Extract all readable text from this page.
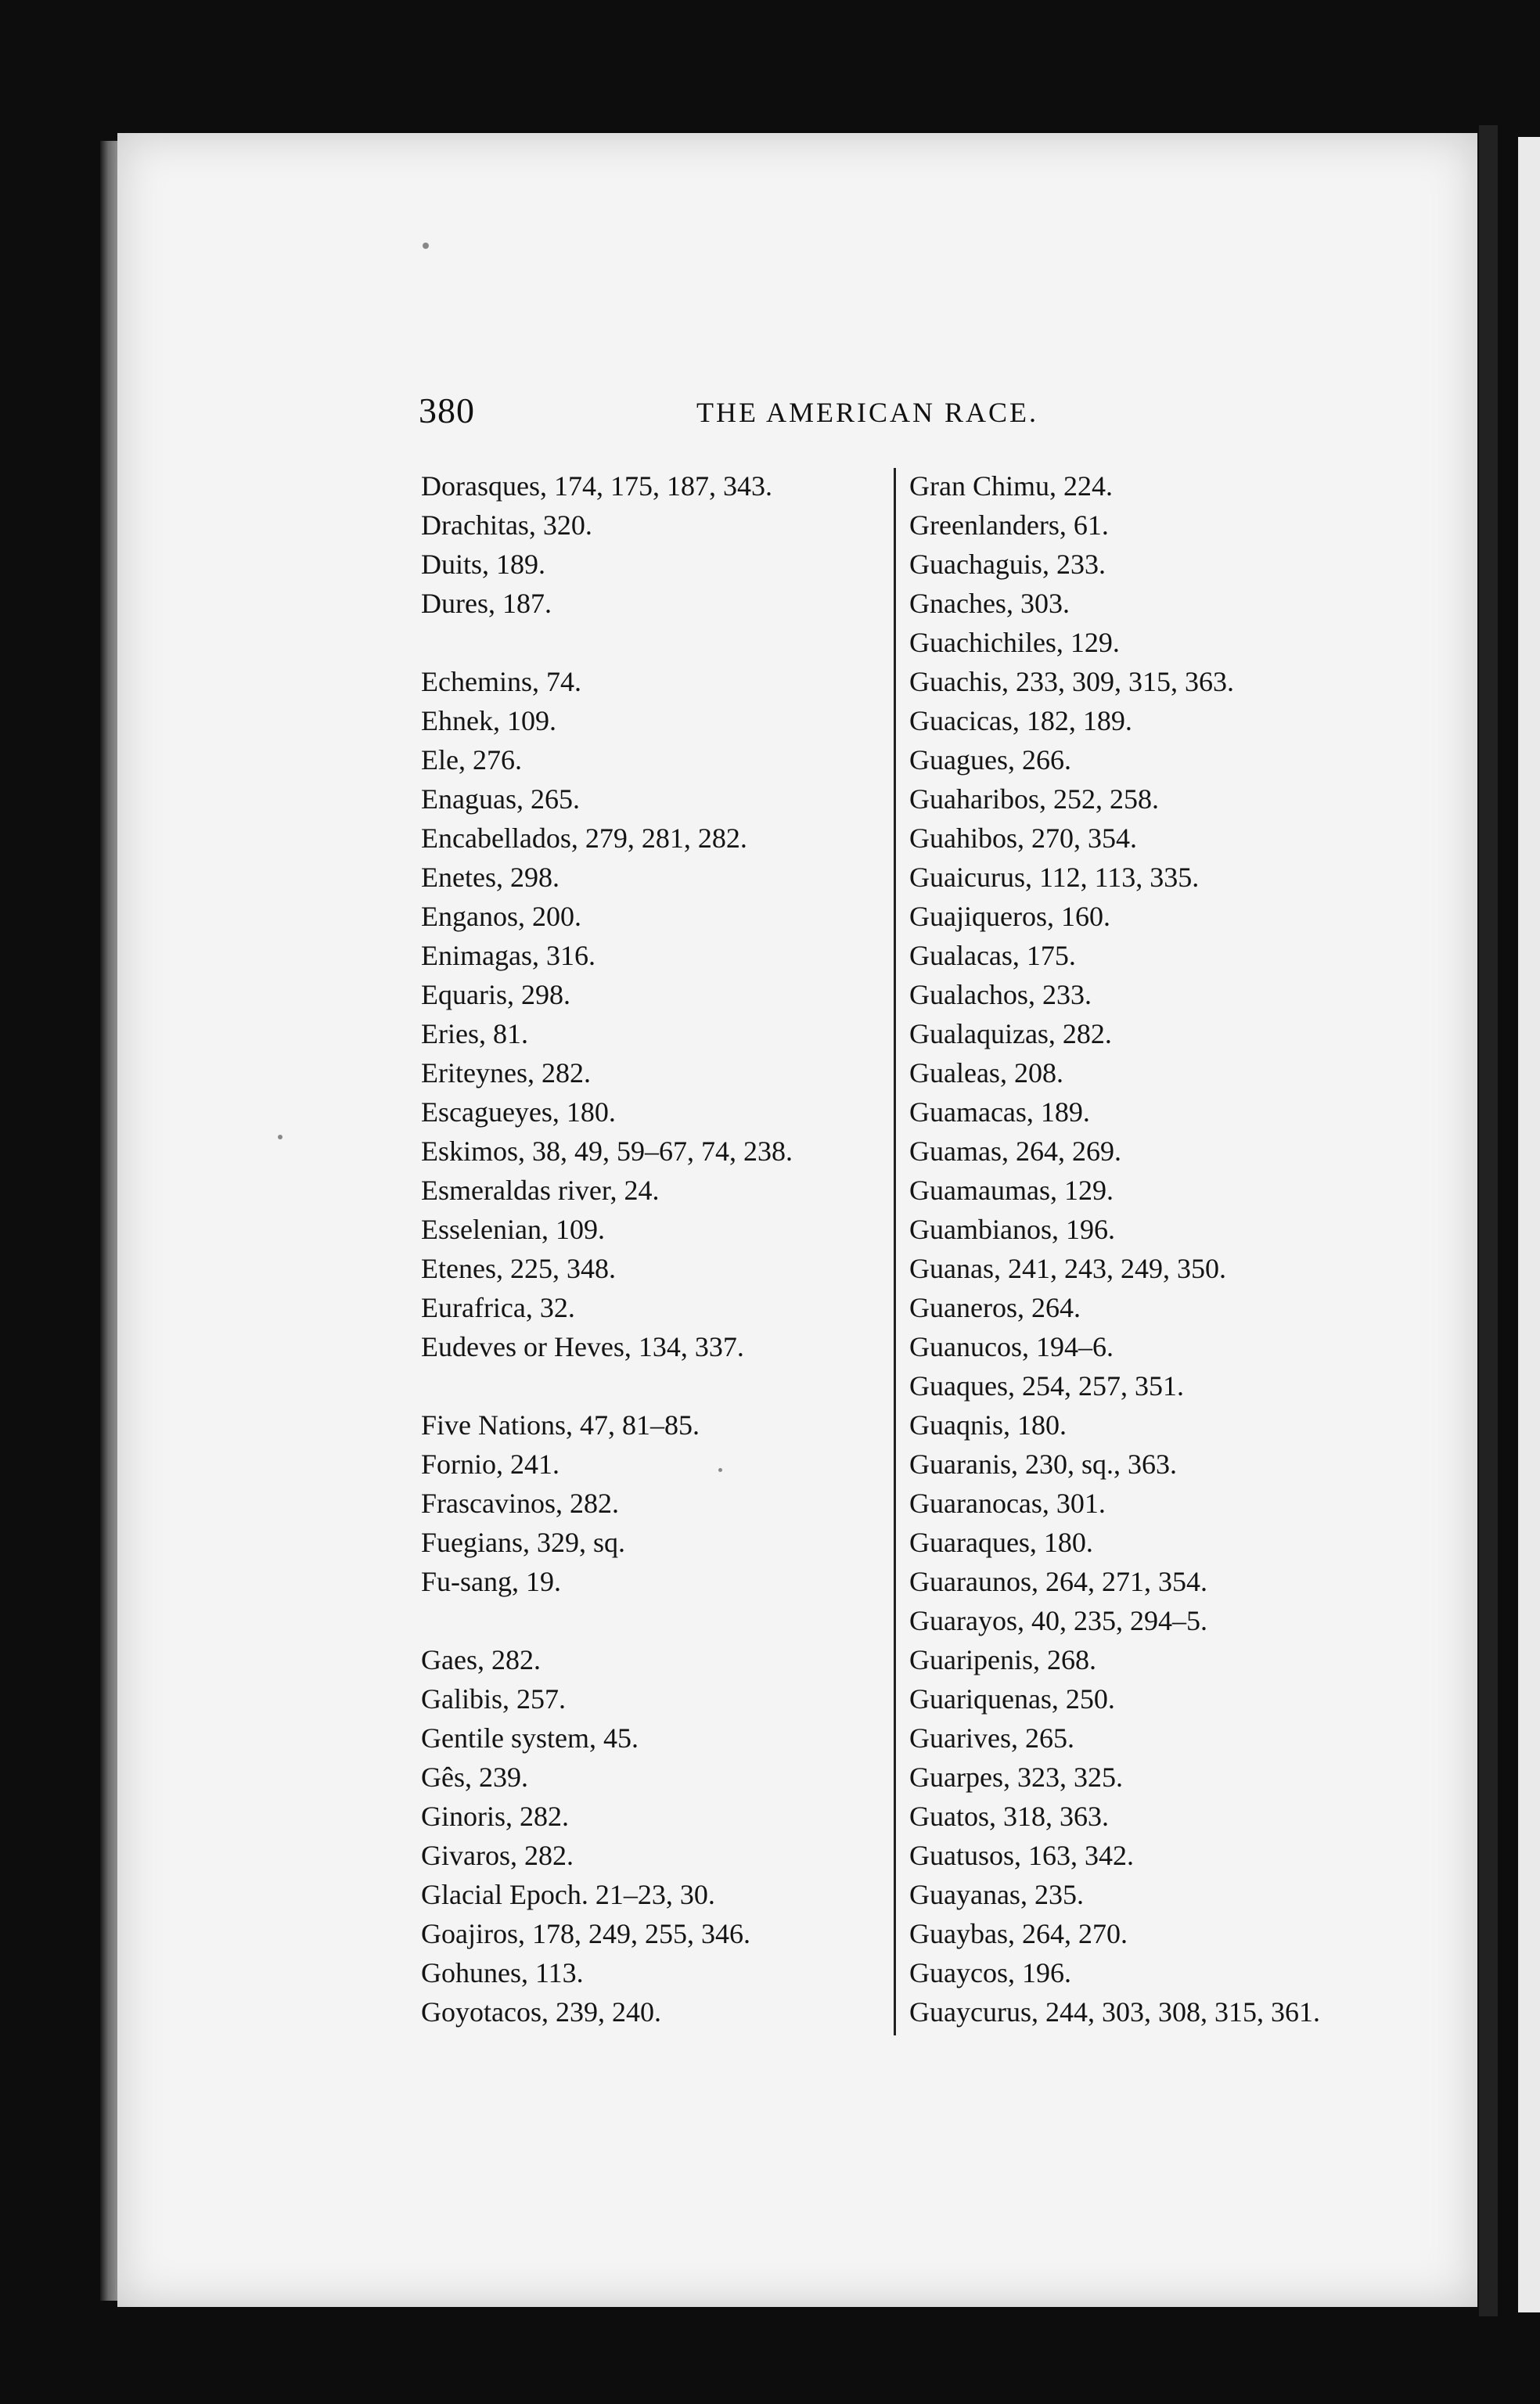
380	THE AMERICAN RACE.
Dorasques, 174, 175, 187, 343.
Drachitas, 320.
Duits, 189.
Dures, 187.
Echemins, 74.
Ehnek, 109.
Ele, 276.
Enaguas, 265.
Encabellados, 279, 281, 282.
Enetes, 298.
Enganos, 200.
Enimagas, 316.
Equaris, 298.
Eries, 81.
Eriteynes, 282.
Escagueyes, 180.
Eskimos, 38, 49, 59–67, 74, 238.
Esmeraldas river, 24.
Esselenian, 109.
Etenes, 225, 348.
Eurafrica, 32.
Eudeves or Heves, 134, 337.
Five Nations, 47, 81–85.
Fornio, 241.
Frascavinos, 282.
Fuegians, 329, sq.
Fu-sang, 19.
Gaes, 282.
Galibis, 257.
Gentile system, 45.
Gês, 239.
Ginoris, 282.
Givaros, 282.
Glacial Epoch. 21–23, 30.
Goajiros, 178, 249, 255, 346.
Gohunes, 113.
Goyotacos, 239, 240.
Gran Chimu, 224.
Greenlanders, 61.
Guachaguis, 233.
Gnaches, 303.
Guachichiles, 129.
Guachis, 233, 309, 315, 363.
Guacicas, 182, 189.
Guagues, 266.
Guaharibos, 252, 258.
Guahibos, 270, 354.
Guaicurus, 112, 113, 335.
Guajiqueros, 160.
Gualacas, 175.
Gualachos, 233.
Gualaquizas, 282.
Gualeas, 208.
Guamacas, 189.
Guamas, 264, 269.
Guamaumas, 129.
Guambianos, 196.
Guanas, 241, 243, 249, 350.
Guaneros, 264.
Guanucos, 194–6.
Guaques, 254, 257, 351.
Guaqnis, 180.
Guaranis, 230, sq., 363.
Guaranocas, 301.
Guaraques, 180.
Guaraunos, 264, 271, 354.
Guarayos, 40, 235, 294–5.
Guaripenis, 268.
Guariquenas, 250.
Guarives, 265.
Guarpes, 323, 325.
Guatos, 318, 363.
Guatusos, 163, 342.
Guayanas, 235.
Guaybas, 264, 270.
Guaycos, 196.
Guaycurus, 244, 303, 308, 315, 361.
